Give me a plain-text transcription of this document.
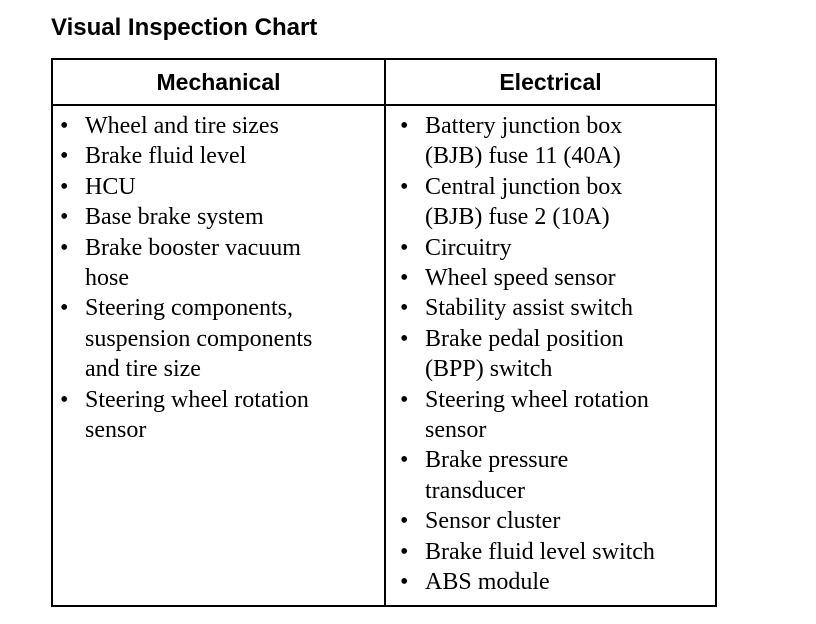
Visual Inspection Chart
Mechanical	Electrical
• Wheel and tire sizes
• Brake fluid level
• HCU
• Base brake system
• Brake booster vacuum
hose
• Steering components,
suspension components
and tire size
• Steering wheel rotation
sensor
• Battery junction box
(BJB) fuse 11 (40A)
• Central junction box
(BJB) fuse 2 (10A)
• Circuitry
• Wheel speed sensor
• Stability assist switch
• Brake pedal position
(BPP) switch
• Steering wheel rotation
sensor
• Brake pressure
transducer
• Sensor cluster
• Brake fluid level switch
• ABS module
